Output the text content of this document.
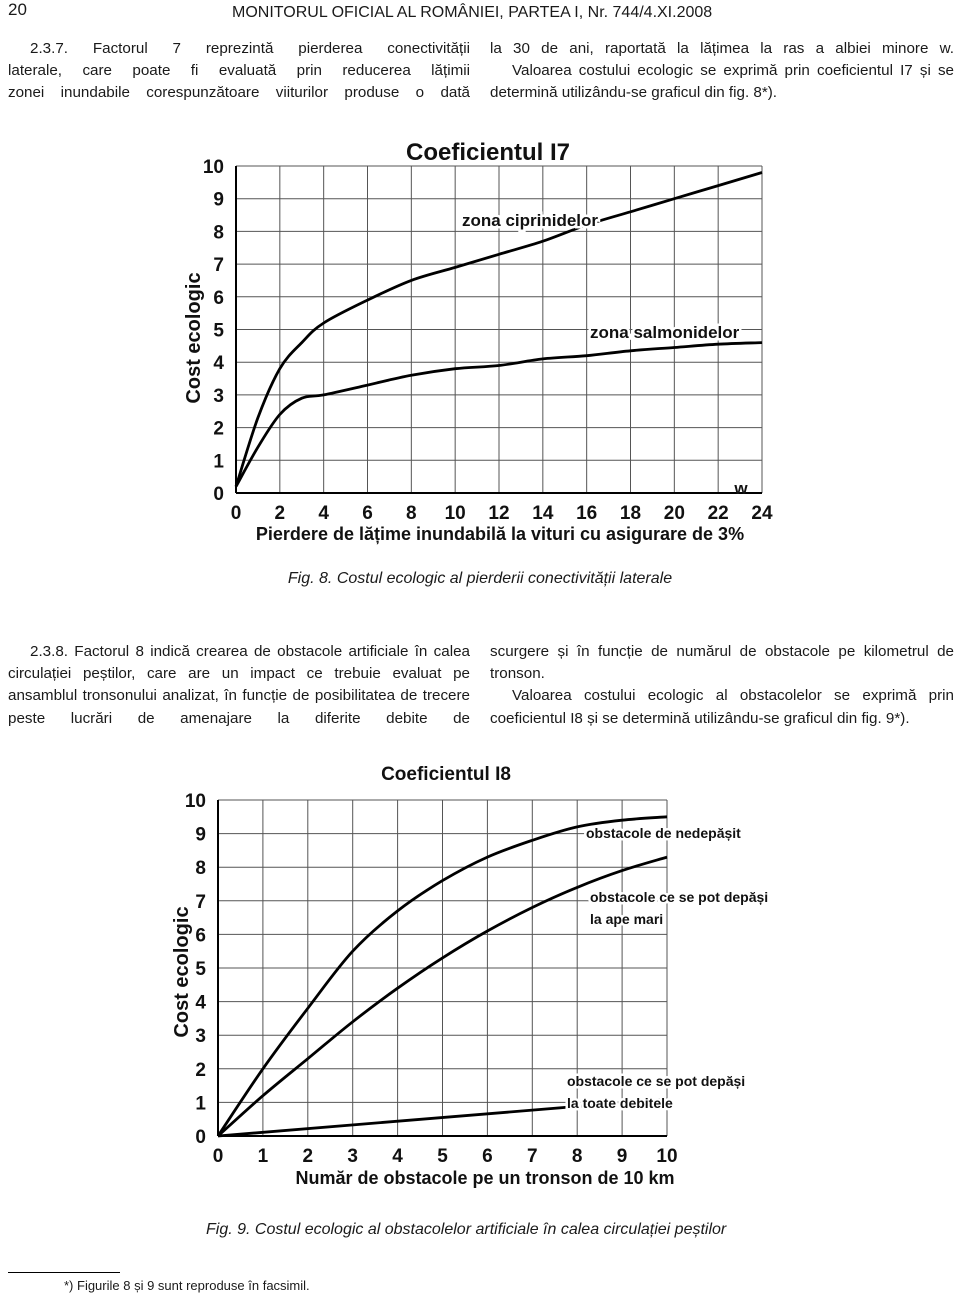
20	MONITORUL OFICIAL AL ROMÂNIEI, PARTEA I, Nr. 744/4.XI.2008

2.3.7. Factorul 7 reprezintă pierderea conectivității

laterale, care poate fi evaluată prin reducerea lățimii

zonei inundabile corespunzătoare viiturilor produse o dată

la 30 de ani, raportată la lățimea la ras a albiei minore w.

Valoarea costului ecologic se exprimă prin coeficientul I7 și se determină utilizându-se graficul din fig. 8*).

0
1
2
3
4
5
6
7
8
9
10
0 2 4 6 8 10 12 14 16 18 20 22 24
Coeficientul I7
Pierdere de lățime inundabilă la vituri cu asigurare de 3%
Cost ecologic
w
zona ciprinidelor
zona salmonidelor
Fig. 8. Costul ecologic al pierderii conectivității laterale

2.3.8. Factorul 8 indică crearea de obstacole artificiale în calea circulației peștilor, care are un impact ce trebuie evaluat pe ansamblul tronsonului analizat, în funcție de posibilitatea de trecere peste lucrări de amenajare la diferite debite de

scurgere și în funcție de numărul de obstacole pe kilometrul de tronson.

Valoarea costului ecologic al obstacolelor se exprimă prin coeficientul I8 și se determină utilizându-se graficul din fig. 9*).

0
1
2
3
4
5
6
7
8
9
10
0 1 2 3 4 5 6 7 8 9 10
Coeficientul I8
Număr de obstacole pe un tronson de 10 km
Cost ecologic
obstacole de nedepășit
obstacole ce se pot depăși
la ape mari
obstacole ce se pot depăși
la toate debitele
Fig. 9. Costul ecologic al obstacolelor artificiale în calea circulației peștilor
*) Figurile 8 și 9 sunt reproduse în facsimil.
